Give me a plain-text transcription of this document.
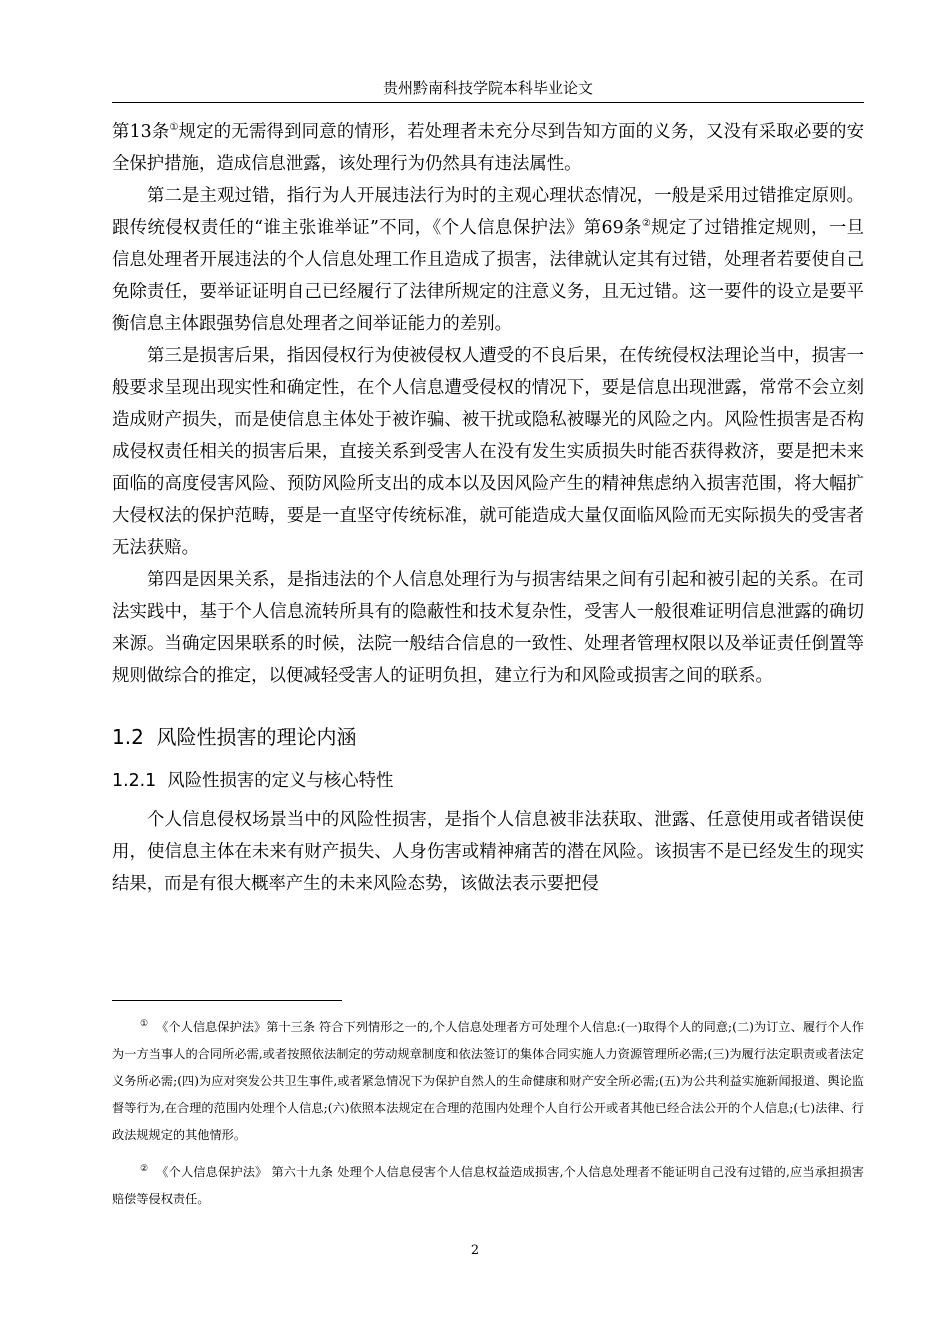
贵州黔南科技学院本科毕业论文

第13条①规定的无需得到同意的情形，若处理者未充分尽到告知方面的义务，又没有采取必要的安全保护措施，造成信息泄露，该处理行为仍然具有违法属性。

第二是主观过错，指行为人开展违法行为时的主观心理状态情况，一般是采用过错推定原则。跟传统侵权责任的“谁主张谁举证”不同，《个人信息保护法》第69条②规定了过错推定规则，一旦信息处理者开展违法的个人信息处理工作且造成了损害，法律就认定其有过错，处理者若要使自己免除责任，要举证证明自己已经履行了法律所规定的注意义务，且无过错。这一要件的设立是要平衡信息主体跟强势信息处理者之间举证能力的差别。

第三是损害后果，指因侵权行为使被侵权人遭受的不良后果，在传统侵权法理论当中，损害一般要求呈现出现实性和确定性，在个人信息遭受侵权的情况下，要是信息出现泄露，常常不会立刻造成财产损失，而是使信息主体处于被诈骗、被干扰或隐私被曝光的风险之内。风险性损害是否构成侵权责任相关的损害后果，直接关系到受害人在没有发生实质损失时能否获得救济，要是把未来面临的高度侵害风险、预防风险所支出的成本以及因风险产生的精神焦虑纳入损害范围，将大幅扩大侵权法的保护范畴，要是一直坚守传统标准，就可能造成大量仅面临风险而无实际损失的受害者无法获赔。

第四是因果关系，是指违法的个人信息处理行为与损害结果之间有引起和被引起的关系。在司法实践中，基于个人信息流转所具有的隐蔽性和技术复杂性，受害人一般很难证明信息泄露的确切来源。当确定因果联系的时候，法院一般结合信息的一致性、处理者管理权限以及举证责任倒置等规则做综合的推定，以便减轻受害人的证明负担，建立行为和风险或损害之间的联系。

1.2 风险性损害的理论内涵
1.2.1 风险性损害的定义与核心特性

个人信息侵权场景当中的风险性损害，是指个人信息被非法获取、泄露、任意使用或者错误使用，使信息主体在未来有财产损失、人身伤害或精神痛苦的潜在风险。该损害不是已经发生的现实结果，而是有很大概率产生的未来风险态势，该做法表示要把侵

① 《个人信息保护法》第十三条 符合下列情形之一的,个人信息处理者方可处理个人信息:(一)取得个人的同意;(二)为订立、履行个人作为一方当事人的合同所必需,或者按照依法制定的劳动规章制度和依法签订的集体合同实施人力资源管理所必需;(三)为履行法定职责或者法定义务所必需;(四)为应对突发公共卫生事件,或者紧急情况下为保护自然人的生命健康和财产安全所必需;(五)为公共利益实施新闻报道、舆论监督等行为,在合理的范围内处理个人信息;(六)依照本法规定在合理的范围内处理个人自行公开或者其他已经合法公开的个人信息;(七)法律、行政法规规定的其他情形。

② 《个人信息保护法》 第六十九条 处理个人信息侵害个人信息权益造成损害,个人信息处理者不能证明自己没有过错的,应当承担损害赔偿等侵权责任。

2
